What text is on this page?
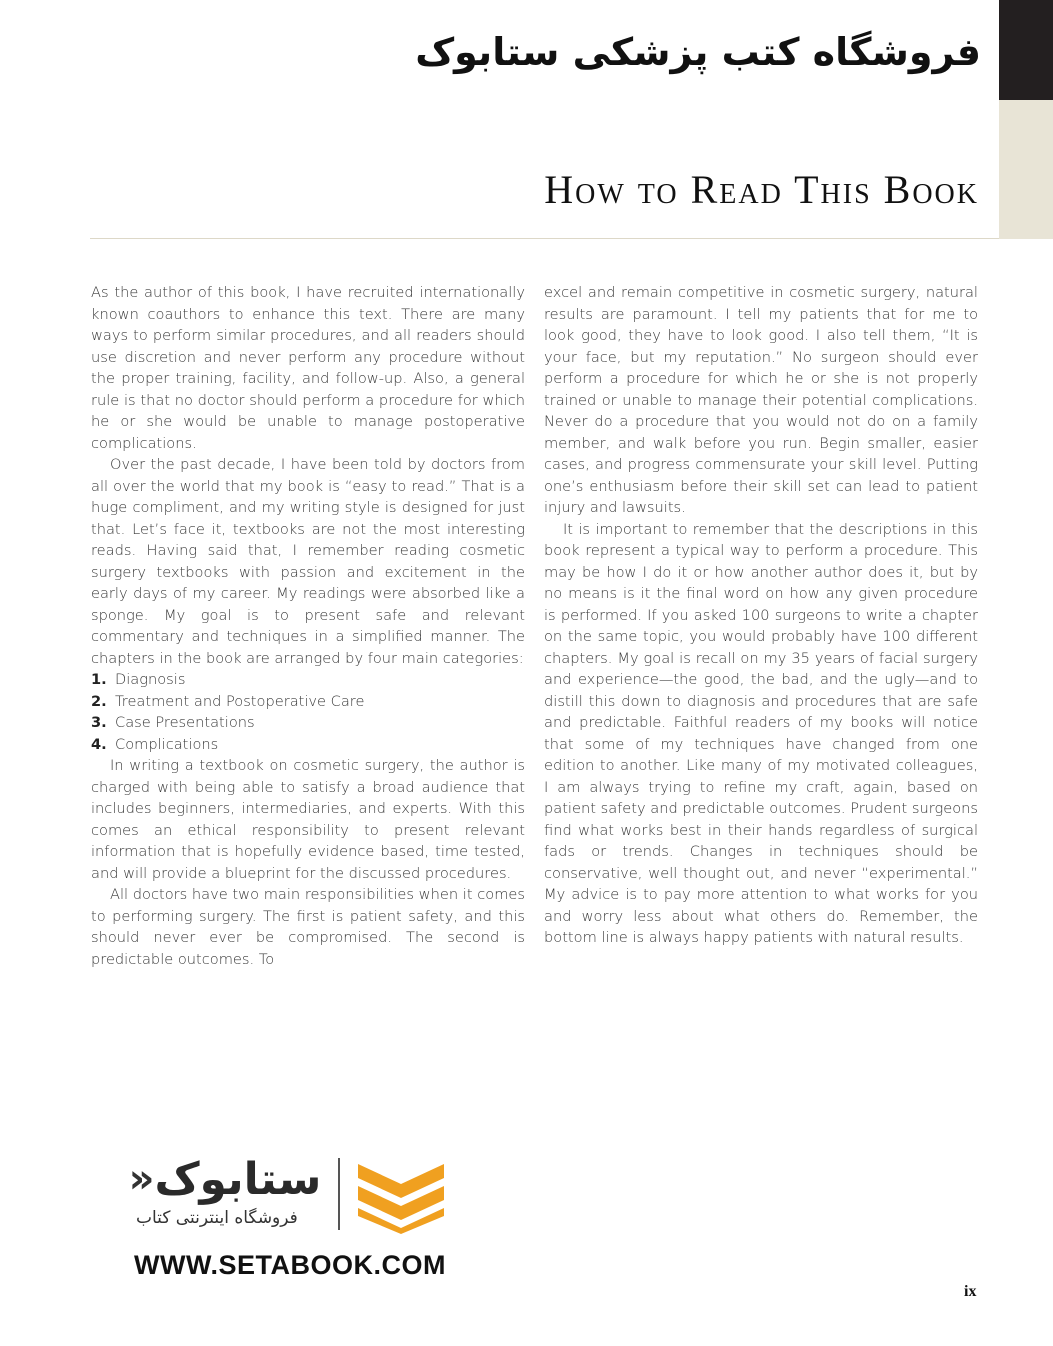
فروشگاه کتب پزشکی ستابوک
How to Read This Book

As the author of this book, I have recruited internationally known coauthors to enhance this text. There are many ways to perform similar procedures, and all readers should use discretion and never perform any procedure without the proper training, facility, and follow-up. Also, a general rule is that no doctor should perform a procedure for which he or she would be unable to manage postoperative complications.

Over the past decade, I have been told by doctors from all over the world that my book is “easy to read.” That is a huge compliment, and my writing style is designed for just that. Let’s face it, textbooks are not the most interesting reads. Having said that, I remember reading cosmetic surgery textbooks with passion and excitement in the early days of my career. My readings were absorbed like a sponge. My goal is to present safe and relevant commentary and techniques in a simplified manner. The chapters in the book are arranged by four main categories:

1. Diagnosis
2. Treatment and Postoperative Care
3. Case Presentations
4. Complications

In writing a textbook on cosmetic surgery, the author is charged with being able to satisfy a broad audience that includes beginners, intermediaries, and experts. With this comes an ethical responsibility to present relevant information that is hopefully evidence based, time tested, and will provide a blueprint for the discussed procedures.

All doctors have two main responsibilities when it comes to performing surgery. The first is patient safety, and this should never ever be compromised. The second is predictable outcomes. To

excel and remain competitive in cosmetic surgery, natural results are paramount. I tell my patients that for me to look good, they have to look good. I also tell them, “It is your face, but my reputation.” No surgeon should ever perform a procedure for which he or she is not properly trained or unable to manage their potential complications. Never do a procedure that you would not do on a family member, and walk before you run. Begin smaller, easier cases, and progress commensurate your skill level. Putting one’s enthusiasm before their skill set can lead to patient injury and lawsuits.

It is important to remember that the descriptions in this book represent a typical way to perform a procedure. This may be how I do it or how another author does it, but by no means is it the final word on how any given procedure is performed. If you asked 100 surgeons to write a chapter on the same topic, you would probably have 100 different chapters. My goal is recall on my 35 years of facial surgery and experience—the good, the bad, and the ugly—and to distill this down to diagnosis and procedures that are safe and predictable. Faithful readers of my books will notice that some of my techniques have changed from one edition to another. Like many of my motivated colleagues, I am always trying to refine my craft, again, based on patient safety and predictable outcomes. Prudent surgeons find what works best in their hands regardless of surgical fads or trends. Changes in techniques should be conservative, well thought out, and never “experimental.” My advice is to pay more attention to what works for you and worry less about what others do. Remember, the bottom line is always happy patients with natural results.

ستابوک
«
فروشگاه اینترنتی کتاب
WWW.SETABOOK.COM
ix
